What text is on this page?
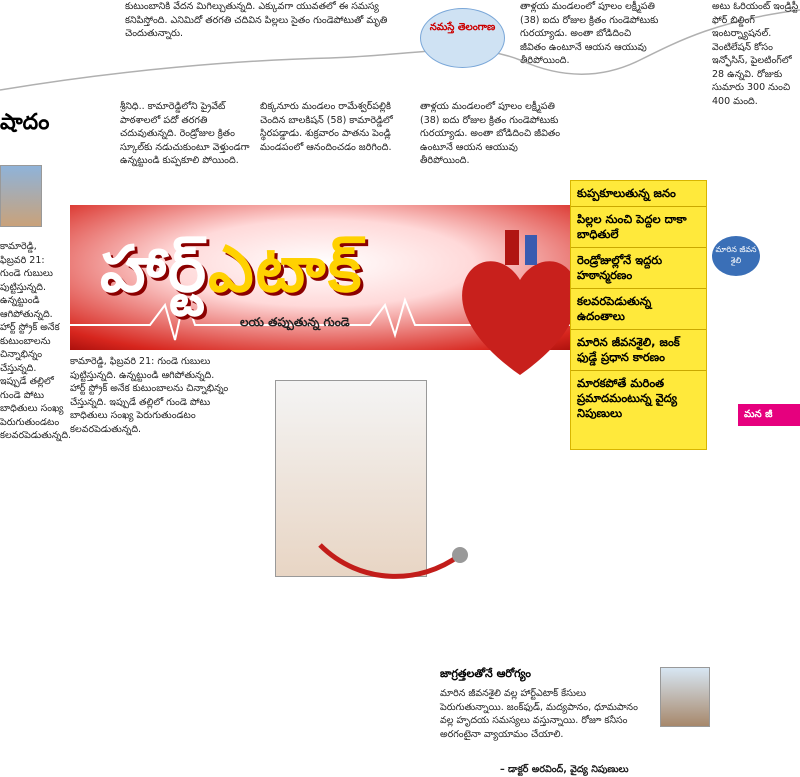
కుటుంబానికి వేదన మిగిల్చుతున్నది. ఎక్కువగా యువతలో ఈ సమస్య కనిపిస్తోంది. ఎనిమిదో తరగతి చదివిన పిల్లలు సైతం గుండెపోటుతో మృతి చెందుతున్నారు.
తాళ్లయ మండలంలో పూలం లక్ష్మీపతి (38) ఐదు రోజుల క్రితం గుండెపోటుకు గురయ్యాడు. అంతా బోడిదించి జీవితం ఉంటూనే ఆయన ఆయువు తీరిపోయింది.
నమస్తే తెలంగాణ
షాదం
కామారెడ్డి, ఫిబ్రవరి 21: గుండె గుబులు పుట్టిస్తున్నది. ఉన్నట్టుండి ఆగిపోతున్నది. హార్ట్ స్ట్రోక్ అనేక కుటుంబాలను చిన్నాభిన్నం చేస్తున్నది. ఇప్పుడే తల్లిలో గుండె పోటు బాధితులు సంఖ్య పెరుగుతుండటం కలవరపెడుతున్నది.
శ్రీనిధి.. కామారెడ్డిలోని ప్రైవేట్ పాఠశాలలో పదో తరగతి చదువుతున్నది. రెండ్రోజుల క్రితం స్కూల్‌కు నడుచుకుంటూ వెళ్తుండగా ఉన్నట్టుండి కుప్పకూలి పోయింది.
బిక్కనూరు మండలం రామేశ్వర్‌పల్లికి చెందిన బాలకిషన్ (58) కామారెడ్డిలో స్థిరపడ్డాడు. శుక్రవారం పాతను పెండ్లి మండపంలో ఆనందించడం జరిగింది.
తాళ్లయ మండలంలో పూలం లక్ష్మీపతి (38) ఐదు రోజుల క్రితం గుండెపోటుకు గురయ్యాడు. అంతా బోడిదించి జీవితం ఉంటూనే ఆయన ఆయువు తీరిపోయింది.
హార్ట్ఎటాక్
లయ తప్పుతున్న గుండె
కామారెడ్డి, ఫిబ్రవరి 21: గుండె గుబులు పుట్టిస్తున్నది. ఉన్నట్టుండి ఆగిపోతున్నది. హార్ట్ స్ట్రోక్ అనేక కుటుంబాలను చిన్నాభిన్నం చేస్తున్నది. ఇప్పుడే తల్లిలో గుండె పోటు బాధితులు సంఖ్య పెరుగుతుండటం కలవరపెడుతున్నది.
జాగ్రత్తలతోనే ఆరోగ్యం
మారిన జీవనశైలి వల్ల హార్ట్‌ఎటాక్ కేసులు పెరుగుతున్నాయి. జంక్‌ఫుడ్, మద్యపానం, ధూమపానం వల్ల హృదయ సమస్యలు వస్తున్నాయి. రోజూ కనీసం అరగంటైనా వ్యాయామం చేయాలి.
– డాక్టర్ అరవింద్, వైద్య నిపుణులు
కుప్పకూలుతున్న జనం
పిల్లల నుంచి పెద్దల దాకా బాధితులే
రెండ్రోజుల్లోనే ఇద్దరు హఠాన్మరణం
కలవరపెడుతున్న ఉదంతాలు
మారిన జీవనశైలి, జంక్ ఫుడ్డే ప్రధాన కారణం
మారకపోతే మరింత ప్రమాదమంటున్న వైద్య నిపుణులు
అటు ఓరియంట్ ఇండ్రిస్టీ ఫోర్ బిల్డింగ్ ఇంటర్న్యాషనల్. వెంటిలేషన్ కోసం ఇన్ఫోసిస్, పైలటింగ్‌లో 28 ఉన్నవి. రోజుకు సుమారు 300 నుంచి 400 మంది.
మారిన జీవన శైలి
మన జీ
